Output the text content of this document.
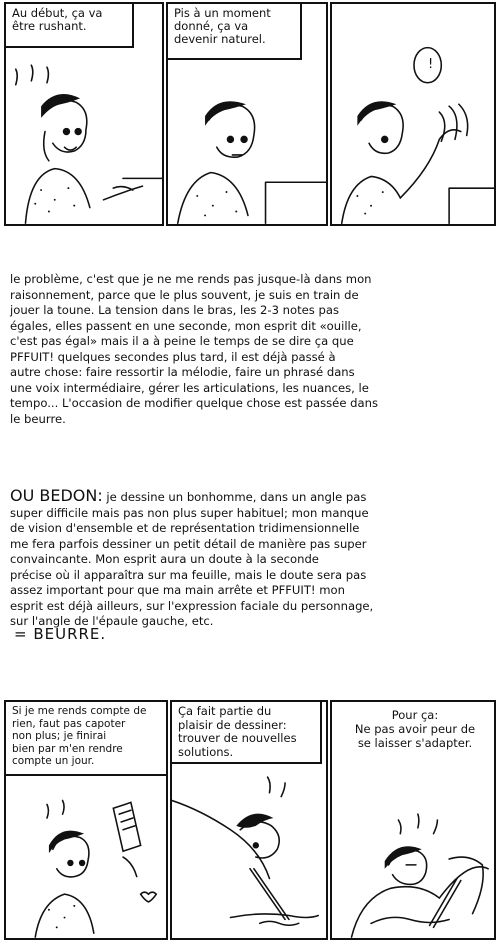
Au début, ça va
être rushant.
Pis à un moment
donné, ça va
devenir naturel.
!
le problème, c'est que je ne me rends pas jusque-là dans mon
raisonnement, parce que le plus souvent, je suis en train de
jouer la toune. La tension dans le bras, les 2-3 notes pas
égales, elles passent en une seconde, mon esprit dit «ouille,
c'est pas égal» mais il a à peine le temps de se dire ça que
PFFUIT! quelques secondes plus tard, il est déjà passé à
autre chose: faire ressortir la mélodie, faire un phrasé dans
une voix intermédiaire, gérer les articulations, les nuances, le
tempo... L'occasion de modifier quelque chose est passée dans
le beurre.
OU BEDON: je dessine un bonhomme, dans un angle pas
super difficile mais pas non plus super habituel; mon manque
de vision d'ensemble et de représentation tridimensionnelle
me fera parfois dessiner un petit détail de manière pas super
convaincante. Mon esprit aura un doute à la seconde
précise où il apparaîtra sur ma feuille, mais le doute sera pas
assez important pour que ma main arrête et PFFUIT! mon
esprit est déjà ailleurs, sur l'expression faciale du personnage,
sur l'angle de l'épaule gauche, etc.
= BEURRE.
Si je me rends compte de
rien, faut pas capoter
non plus; je finirai
bien par m'en rendre
compte un jour.
Ça fait partie du
plaisir de dessiner:
trouver de nouvelles
solutions.
Pour ça:
Ne pas avoir peur de
se laisser s'adapter.
